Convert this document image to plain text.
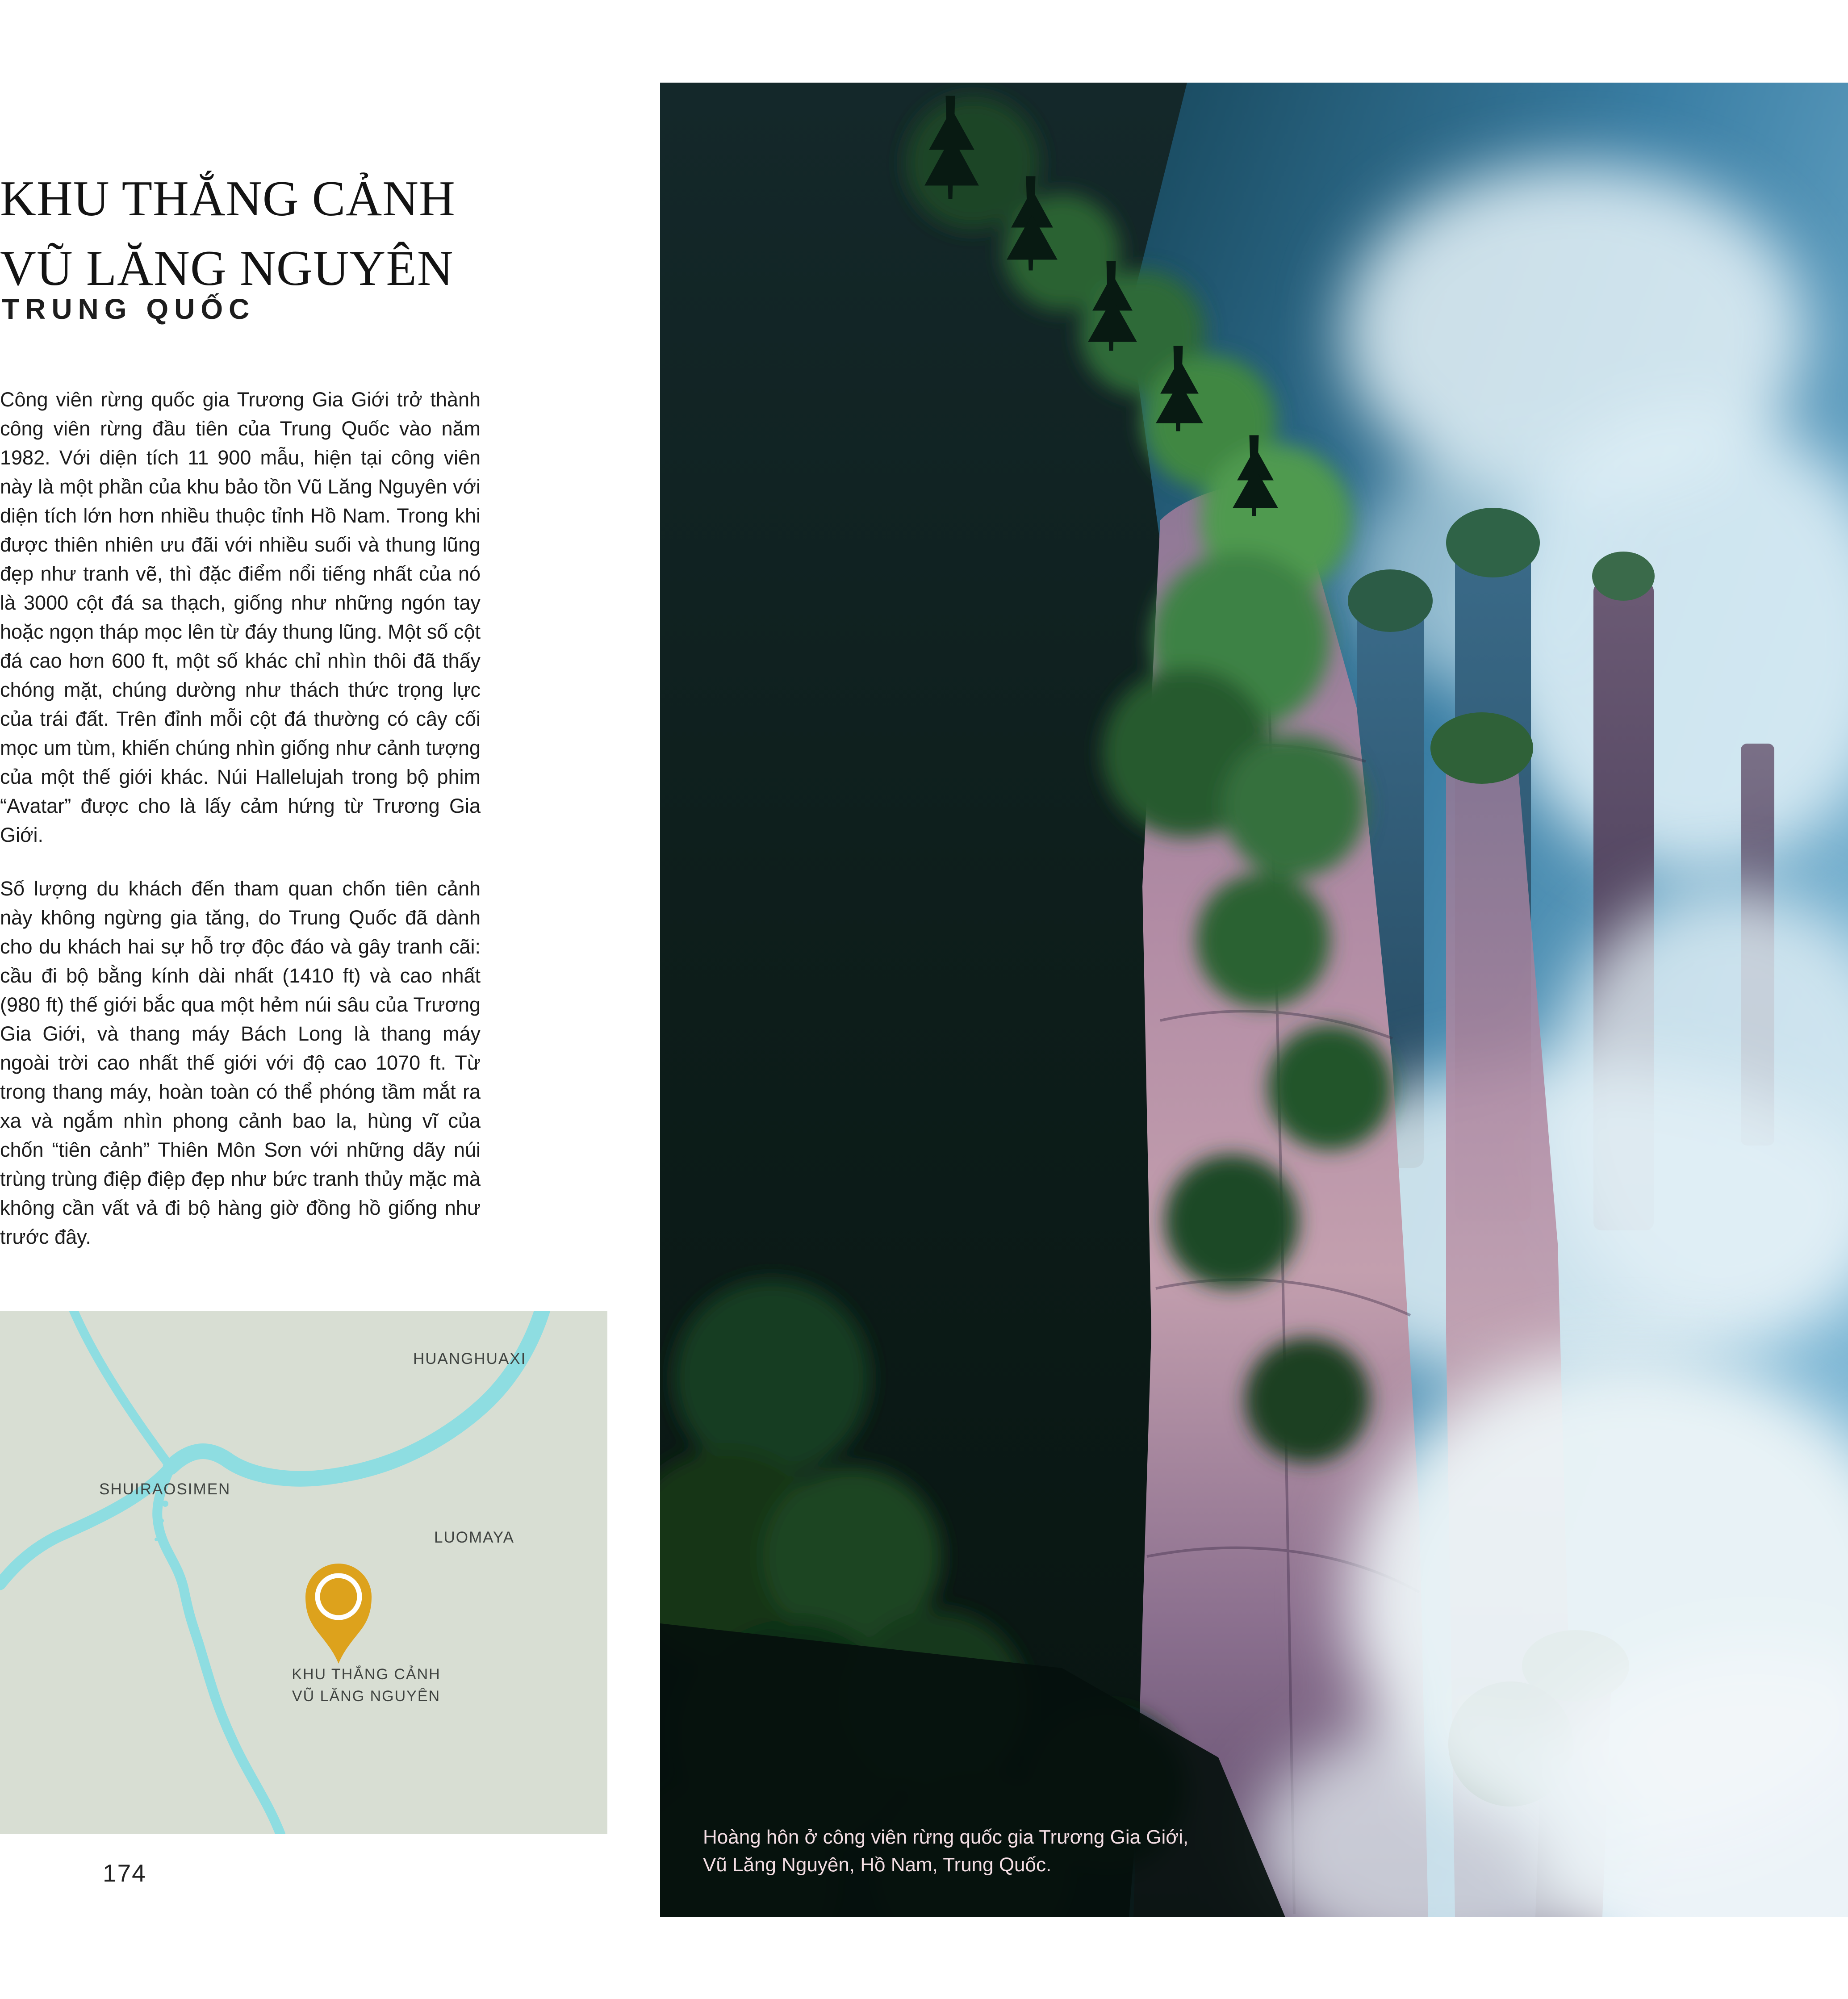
KHU THẮNG CẢNH
VŨ LĂNG NGUYÊN
TRUNG QUỐC

Công viên rừng quốc gia Trương Gia Giới trở thành công viên rừng đầu tiên của Trung Quốc vào năm 1982. Với diện tích 11 900 mẫu, hiện tại công viên này là một phần của khu bảo tồn Vũ Lăng Nguyên với diện tích lớn hơn nhiều thuộc tỉnh Hồ Nam. Trong khi được thiên nhiên ưu đãi với nhiều suối và thung lũng đẹp như tranh vẽ, thì đặc điểm nổi tiếng nhất của nó là 3000 cột đá sa thạch, giống như những ngón tay hoặc ngọn tháp mọc lên từ đáy thung lũng. Một số cột đá cao hơn 600 ft, một số khác chỉ nhìn thôi đã thấy chóng mặt, chúng dường như thách thức trọng lực của trái đất. Trên đỉnh mỗi cột đá thường có cây cối mọc um tùm, khiến chúng nhìn giống như cảnh tượng của một thế giới khác. Núi Hallelujah trong bộ phim “Avatar” được cho là lấy cảm hứng từ Trương Gia Giới.

Số lượng du khách đến tham quan chốn tiên cảnh này không ngừng gia tăng, do Trung Quốc đã dành cho du khách hai sự hỗ trợ độc đáo và gây tranh cãi: cầu đi bộ bằng kính dài nhất (1410 ft) và cao nhất (980 ft) thế giới bắc qua một hẻm núi sâu của Trương Gia Giới, và thang máy Bách Long là thang máy ngoài trời cao nhất thế giới với độ cao 1070 ft. Từ trong thang máy, hoàn toàn có thể phóng tầm mắt ra xa và ngắm nhìn phong cảnh bao la, hùng vĩ của chốn “tiên cảnh” Thiên Môn Sơn với những dãy núi trùng trùng điệp điệp đẹp như bức tranh thủy mặc mà không cần vất vả đi bộ hàng giờ đồng hồ giống như trước đây.

HUANGHUAXI
SHUIRAOSIMEN
LUOMAYA
KHU THẮNG CẢNH
VŨ LĂNG NGUYÊN
174
Hoàng hôn ở công viên rừng quốc gia Trương Gia Giới,
Vũ Lăng Nguyên, Hồ Nam, Trung Quốc.
